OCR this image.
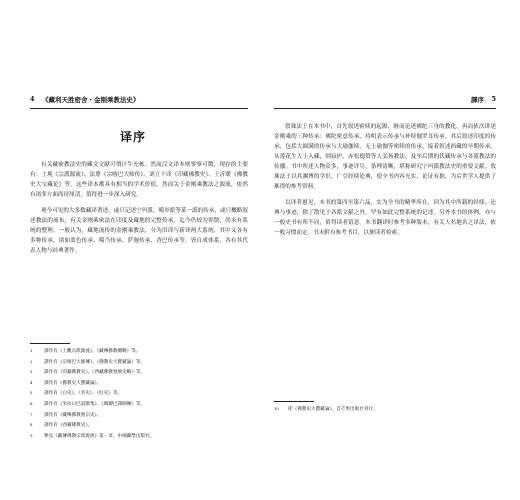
4 《藏利天胜密舍・金刚乘教法史》
译序

有关藏密教法史的藏文文献可谓汗牛充栋。然而汉文译本则寥寥可数，现存的主要有：土观《宗派源流》、法尊《宗喀巴大师传》、刘立千译《印藏佛教史》、王沂暖《佛教史大宝藏论》等。这些译本都具有相当的学术价值，然而关于金刚乘教法之源流，依然有诸多方面尚待厘清，值得进一步深入研究。

现今可见的大多数藏译著述，或只记述宁玛派、噶举派等某一派的传承，或只概略叙述教法的流布，有关金刚乘密法在印度及藏地的完整传承，迄今仍较为零散，尚未有系统的整理。一般认为，藏地流传的金刚乘教法，分为旧译与新译两大系统，其中又各有多种传承。诸如蓝色传承、噶当传承、萨迦传承、香巴传承等，皆自成体系，各有其代表人物与经典著作。

1	譯作有《土觀宗派源流》、《藏傳佛教概略》等。
2	譯作有《宗喀巴大師傳》、《佛教史大寶藏論》等。
3	譯作有《印藏佛教史》、《西藏佛教發展史略》等。
4	譯作有《佛教史大寶藏論》。
5	譯作有《白史》、《青史》、《紅史》等。
6	譯作有《米拉日巴道歌集》、《瑪爾巴譯師傳》等。
7	譯作有《藏傳佛教密宗史》。
8	譯作有《西藏佛教史》。
9	參見《藏傳佛教宗派源流》第一章，中國藏學出版社。
譯序 5

敦珠法王在本书中，首先叙述密续的起源，继而论述佛陀三身的教化，再而依次讲述金刚乘的三种传承：佛陀密意传承、持明表示传承与补特伽罗耳传承。其后叙述印度的传承，包括大圆满的传承与大瑜伽续、无上瑜伽等密续的传承。接着叙述西藏的早期传承，从莲花生大士入藏，到寂护、赤松德赞等人弘扬教法，及至后期的伏藏传承与各派教法的传播。书中所述人物众多，事迹详尽，条理清晰，堪称研究宁玛派教法史的重要文献。敦珠法王以其渊博的学识，广引经续论典，使全书内容充实、论证有据，为后世学人提供了难得的参考资料。

以译者愚见，本书的第四至第六品，实为全书的精华所在，因为其中所载的经续、论典与事迹，除了散见于各派文献之外，罕有如此完整系统的记述。另外本书的体例，亦与一般史书有所不同，值得读者留意。本书翻译时参考多种版本，有关人名地名之译法，依一般习惯而定。书末附有参考书目，以便读者检索。

10 即《佛教史大寶藏論》，自芒果出版社刊行。
